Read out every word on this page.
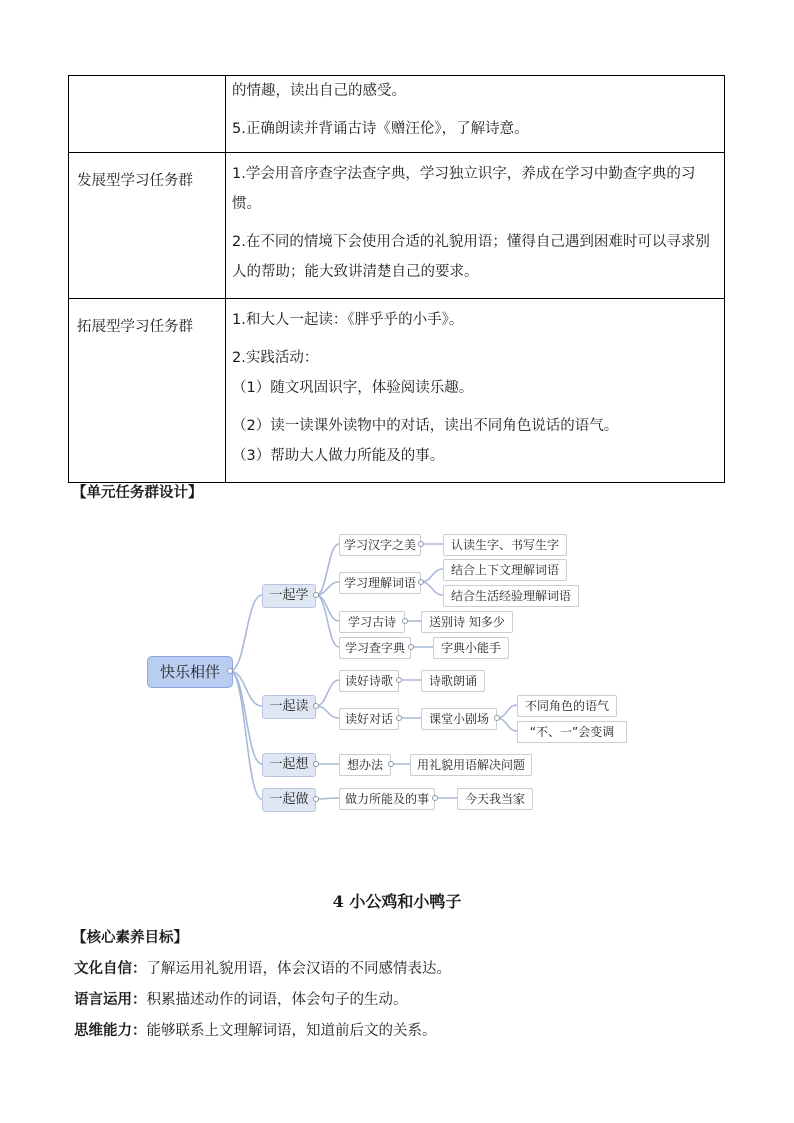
	的情趣，读出自己的感受。

5.正确朗读并背诵古诗《赠汪伦》，了解诗意。

发展型学习任务群	1.学会用音序查字法查字典，学习独立识字，养成在学习中勤查字典的习惯。

2.在不同的情境下会使用合适的礼貌用语；懂得自己遇到困难时可以寻求别人的帮助；能大致讲清楚自己的要求。

拓展型学习任务群	1.和大人一起读：《胖乎乎的小手》。

2.实践活动：

（1）随文巩固识字，体验阅读乐趣。

（2）读一读课外读物中的对话，读出不同角色说话的语气。

（3）帮助大人做力所能及的事。

【单元任务群设计】
快乐相伴
一起学
一起读
一起想
一起做
学习汉字之美
学习理解词语
学习古诗
学习查字典
读好诗歌
读好对话
想办法
做力所能及的事
认读生字、书写生字
结合上下文理解词语
结合生活经验理解词语
送别诗 知多少
字典小能手
诗歌朗诵
课堂小剧场
用礼貌用语解决问题
今天我当家
不同角色的语气
“不、一”会变调
4 小公鸡和小鸭子
【核心素养目标】
文化自信：了解运用礼貌用语，体会汉语的不同感情表达。
语言运用：积累描述动作的词语，体会句子的生动。
思维能力：能够联系上文理解词语，知道前后文的关系。
